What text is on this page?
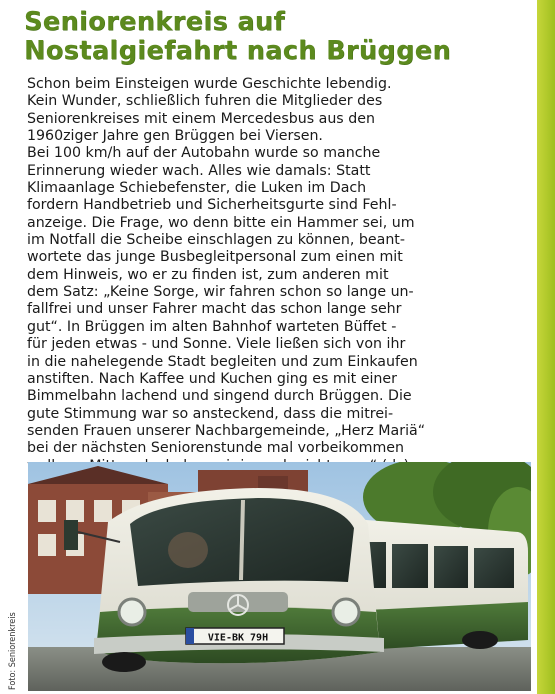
Seniorenkreis auf
Nostalgiefahrt nach Brüggen
Schon beim Einsteigen wurde Geschichte lebendig.
Kein Wunder, schließlich fuhren die Mitglieder des
Seniorenkreises mit einem Mercedesbus aus den
1960ziger Jahre gen Brüggen bei Viersen.
Bei 100 km/h auf der Autobahn wurde so manche
Erinnerung wieder wach. Alles wie damals: Statt
Klimaanlage Schiebefenster, die Luken im Dach
fordern Handbetrieb und Sicherheitsgurte sind Fehl-
anzeige. Die Frage, wo denn bitte ein Hammer sei, um
im Notfall die Scheibe einschlagen zu können, beant-
wortete das junge Busbegleitpersonal zum einen mit
dem Hinweis, wo er zu finden ist, zum anderen mit
dem Satz: „Keine Sorge, wir fahren schon so lange un-
fallfrei und unser Fahrer macht das schon lange sehr
gut“. In Brüggen im alten Bahnhof warteten Büffet -
für jeden etwas - und Sonne. Viele ließen sich von ihr
in die nahelegende Stadt begleiten und zum Einkaufen
anstiften. Nach Kaffee und Kuchen ging es mit einer
Bimmelbahn lachend und singend durch Brüggen. Die
gute Stimmung war so ansteckend, dass die mitrei-
senden Frauen unserer Nachbargemeinde, „Herz Mariä“
bei der nächsten Seniorenstunde mal vorbeikommen
VIE-BK 79H
Foto: Seniorenkreis
